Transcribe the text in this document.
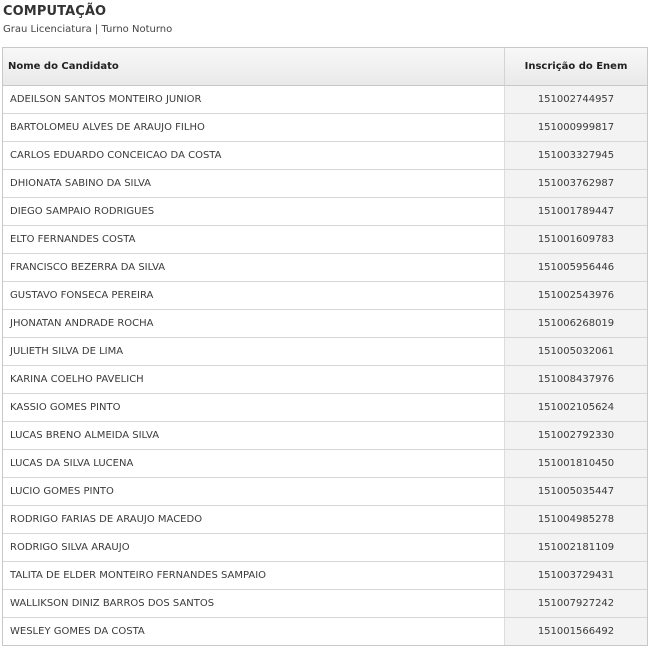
COMPUTAÇÃO

Grau Licenciatura | Turno Noturno

Nome do Candidato	Inscrição do Enem
ADEILSON SANTOS MONTEIRO JUNIOR	151002744957
BARTOLOMEU ALVES DE ARAUJO FILHO	151000999817
CARLOS EDUARDO CONCEICAO DA COSTA	151003327945
DHIONATA SABINO DA SILVA	151003762987
DIEGO SAMPAIO RODRIGUES	151001789447
ELTO FERNANDES COSTA	151001609783
FRANCISCO BEZERRA DA SILVA	151005956446
GUSTAVO FONSECA PEREIRA	151002543976
JHONATAN ANDRADE ROCHA	151006268019
JULIETH SILVA DE LIMA	151005032061
KARINA COELHO PAVELICH	151008437976
KASSIO GOMES PINTO	151002105624
LUCAS BRENO ALMEIDA SILVA	151002792330
LUCAS DA SILVA LUCENA	151001810450
LUCIO GOMES PINTO	151005035447
RODRIGO FARIAS DE ARAUJO MACEDO	151004985278
RODRIGO SILVA ARAUJO	151002181109
TALITA DE ELDER MONTEIRO FERNANDES SAMPAIO	151003729431
WALLIKSON DINIZ BARROS DOS SANTOS	151007927242
WESLEY GOMES DA COSTA	151001566492
